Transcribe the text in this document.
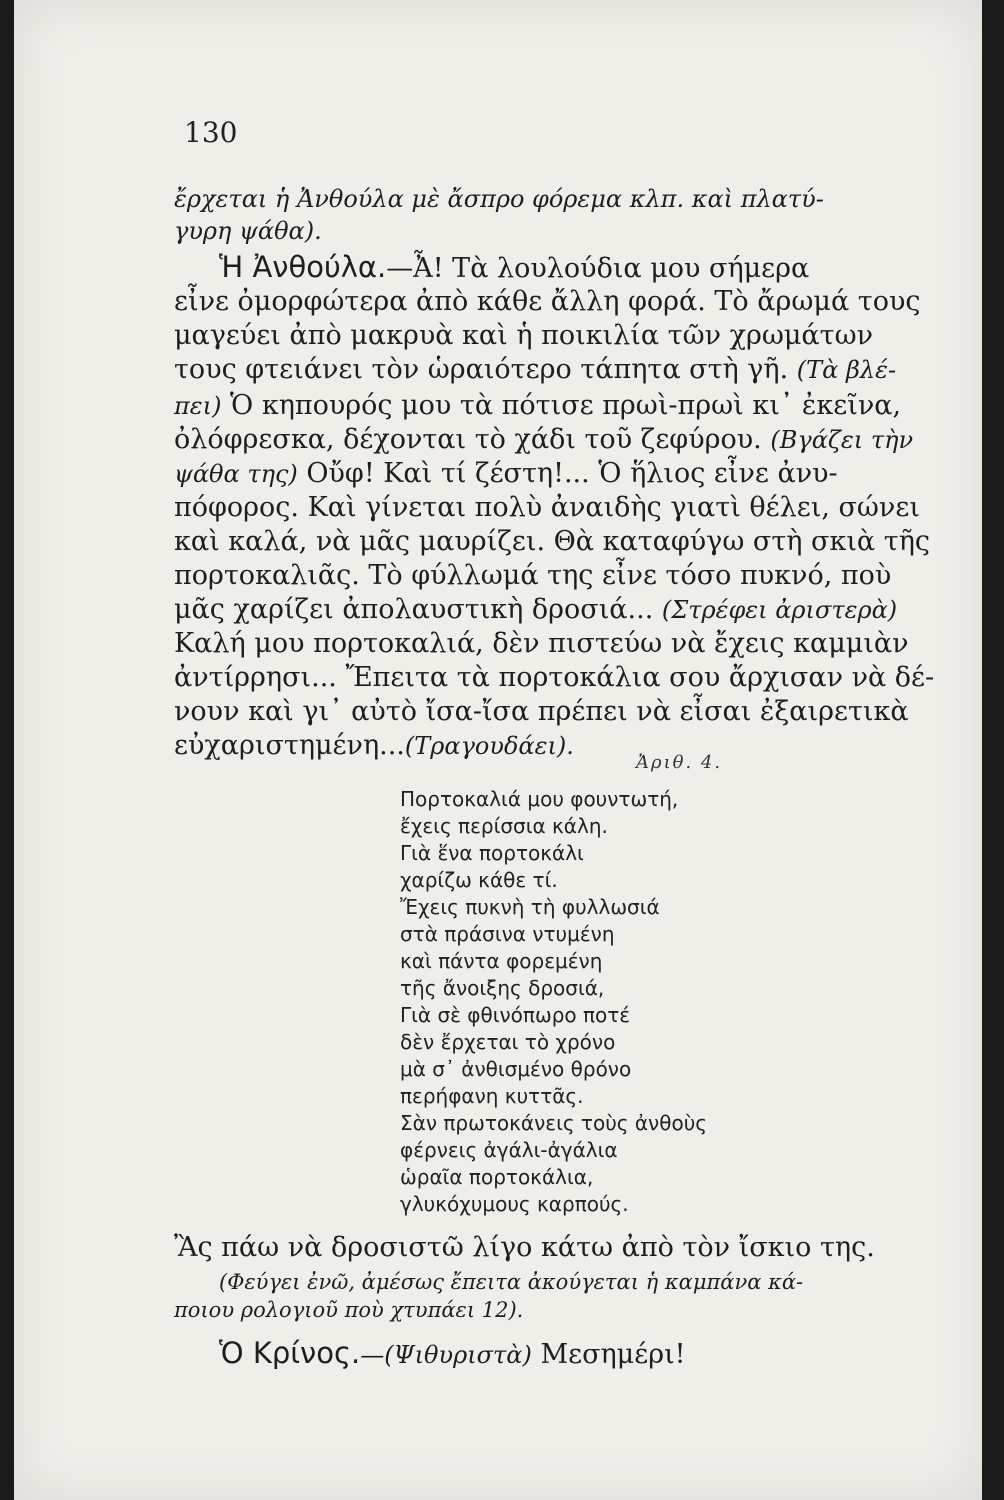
130
ἔρχεται ἡ Ἀνθούλα μὲ ἄσπρο φόρεμα κλπ. καὶ πλατύ-
γυρη ψάθα).
Ἡ Ἀνθούλα.—Ἆ! Τὰ λουλούδια μου σήμερα
εἶνε ὀμορφώτερα ἀπὸ κάθε ἄλλη φορά. Τὸ ἄρωμά τους
μαγεύει ἀπὸ μακρυὰ καὶ ἡ ποικιλία τῶν χρωμάτων
τους φτειάνει τὸν ὡραιότερο τάπητα στὴ γῆ. (Τὰ βλέ-
πει) Ὁ κηπουρός μου τὰ πότισε πρωὶ-πρωὶ κι᾿ ἐκεῖνα,
ὀλόφρεσκα, δέχονται τὸ χάδι τοῦ ζεφύρου. (Βγάζει τὴν
ψάθα της) Οὔφ! Καὶ τί ζέστη!... Ὁ ἥλιος εἶνε ἀνυ-
πόφορος. Καὶ γίνεται πολὺ ἀναιδὴς γιατὶ θέλει, σώνει
καὶ καλά, νὰ μᾶς μαυρίζει. Θὰ καταφύγω στὴ σκιὰ τῆς
πορτοκαλιᾶς. Τὸ φύλλωμά της εἶνε τόσο πυκνό, ποὺ
μᾶς χαρίζει ἀπολαυστικὴ δροσιά... (Στρέφει ἀριστερὰ)
Καλή μου πορτοκαλιά, δὲν πιστεύω νὰ ἔχεις καμμιὰν
ἀντίρρησι... Ἔπειτα τὰ πορτοκάλια σου ἄρχισαν νὰ δέ-
νουν καὶ γι᾿ αὐτὸ ἴσα-ἴσα πρέπει νὰ εἶσαι ἐξαιρετικὰ
εὐχαριστημένη...(Τραγουδάει).
Ἀριθ. 4.
Πορτοκαλιά μου φουντωτή,
ἔχεις περίσσια κάλη.
Γιὰ ἕνα πορτοκάλι
χαρίζω κάθε τί.
Ἔχεις πυκνὴ τὴ φυλλωσιά
στὰ πράσινα ντυμένη
καὶ πάντα φορεμένη
τῆς ἄνοιξης δροσιά,
Γιὰ σὲ φθινόπωρο ποτέ
δὲν ἔρχεται τὸ χρόνο
μὰ σ᾿ ἀνθισμένο θρόνο
περήφανη κυττᾶς.
Σὰν πρωτοκάνεις τοὺς ἀνθοὺς
φέρνεις ἀγάλι-ἀγάλια
ὡραῖα πορτοκάλια,
γλυκόχυμους καρπούς.
Ἂς πάω νὰ δροσιστῶ λίγο κάτω ἀπὸ τὸν ἴσκιο της.
(Φεύγει ἐνῶ, ἀμέσως ἔπειτα ἀκούγεται ἡ καμπάνα κά-
ποιου ρολογιοῦ ποὺ χτυπάει 12).
Ὁ Κρίνος.—(Ψιθυριστὰ) Μεσημέρι!
